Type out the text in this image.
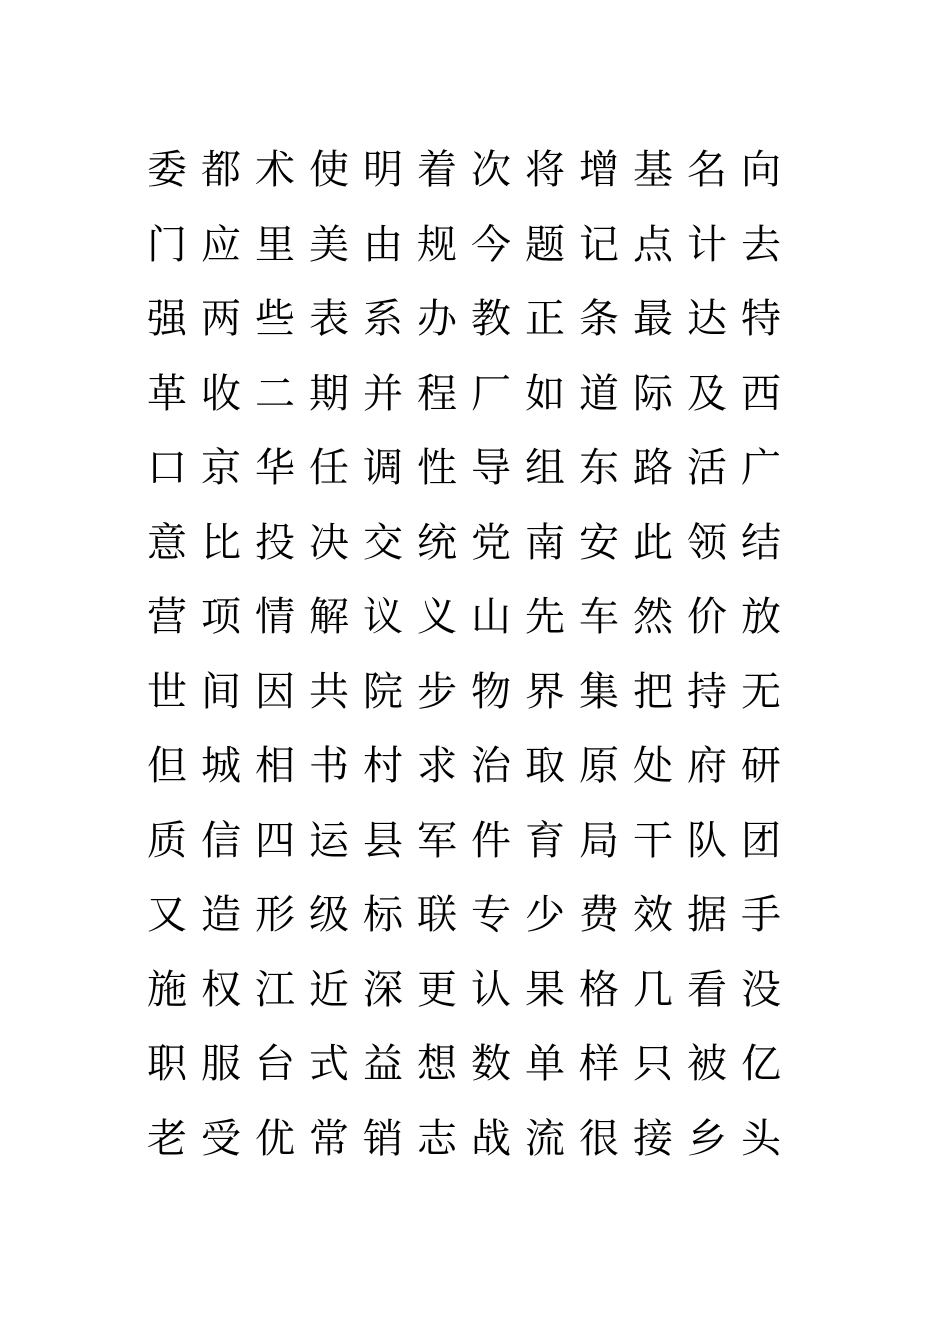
委 都 术 使 明 着 次 将 增 基 名 向
门 应 里 美 由 规 今 题 记 点 计 去
强 两 些 表 系 办 教 正 条 最 达 特
革 收 二 期 并 程 厂 如 道 际 及 西
口 京 华 任 调 性 导 组 东 路 活 广
意 比 投 决 交 统 党 南 安 此 领 结
营 项 情 解 议 义 山 先 车 然 价 放
世 间 因 共 院 步 物 界 集 把 持 无
但 城 相 书 村 求 治 取 原 处 府 研
质 信 四 运 县 军 件 育 局 干 队 团
又 造 形 级 标 联 专 少 费 效 据 手
施 权 江 近 深 更 认 果 格 几 看 没
职 服 台 式 益 想 数 单 样 只 被 亿
老 受 优 常 销 志 战 流 很 接 乡 头
